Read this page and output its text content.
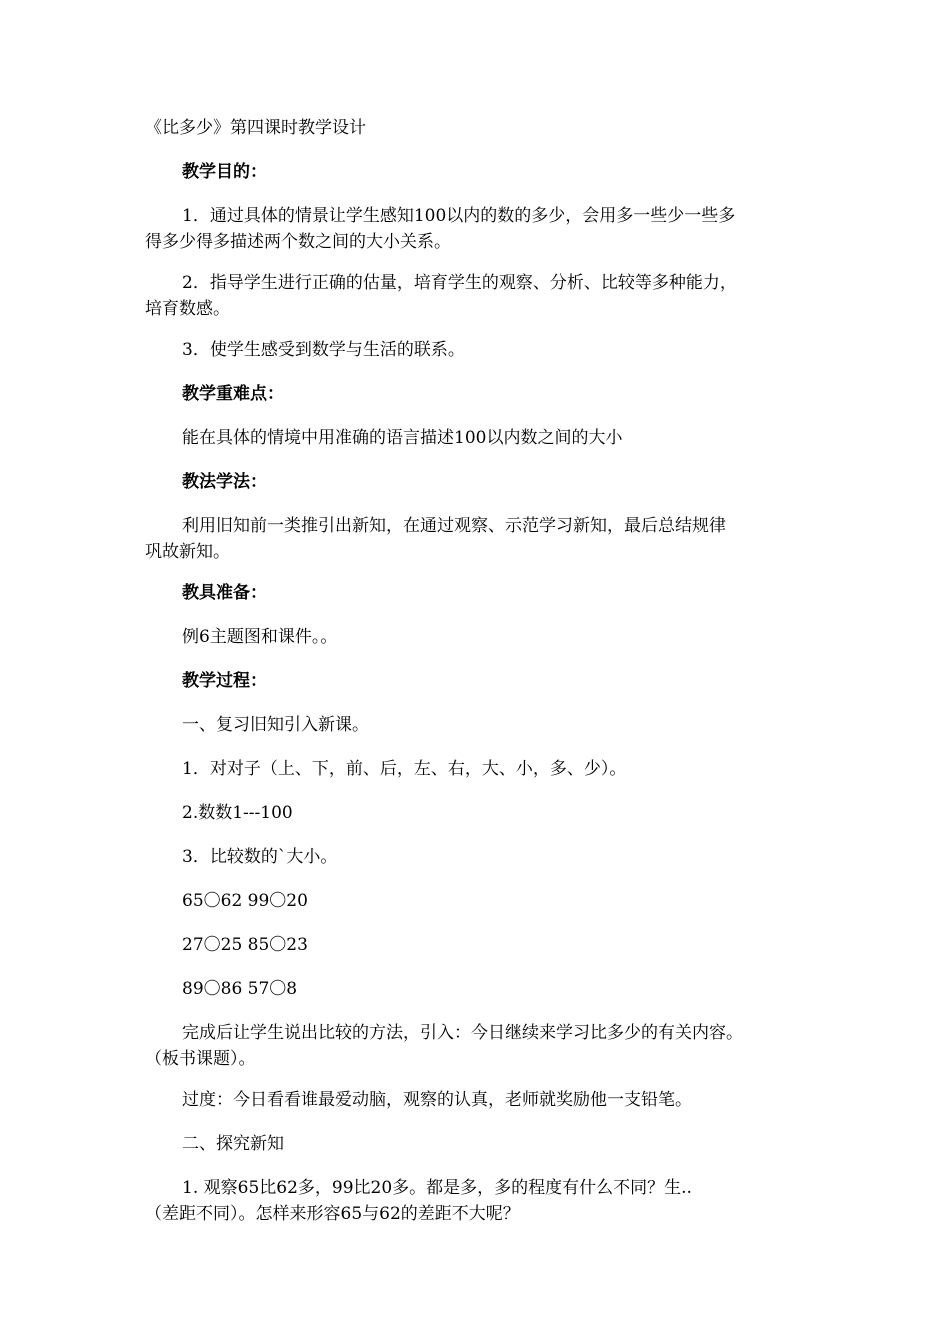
《比多少》第四课时教学设计
教学目的：
1．通过具体的情景让学生感知100以内的数的多少，会用多一些少一些多
得多少得多描述两个数之间的大小关系。
2．指导学生进行正确的估量，培育学生的观察、分析、比较等多种能力，
培育数感。
3．使学生感受到数学与生活的联系。
教学重难点：
能在具体的情境中用准确的语言描述100以内数之间的大小
教法学法：
利用旧知前一类推引出新知，在通过观察、示范学习新知，最后总结规律
巩故新知。
教具准备：
例6主题图和课件。。
教学过程：
一、复习旧知引入新课。
1．对对子（上、下，前、后，左、右，大、小，多、少）。
2.数数1---100
3．比较数的`大小。
65〇62 99〇20
27〇25 85〇23
89〇86 57〇8
完成后让学生说出比较的方法，引入：今日继续来学习比多少的有关内容。
（板书课题）。
过度：今日看看谁最爱动脑，观察的认真，老师就奖励他一支铅笔。
二、探究新知
1. 观察65比62多，99比20多。都是多，多的程度有什么不同？生..
（差距不同）。怎样来形容65与62的差距不大呢？
